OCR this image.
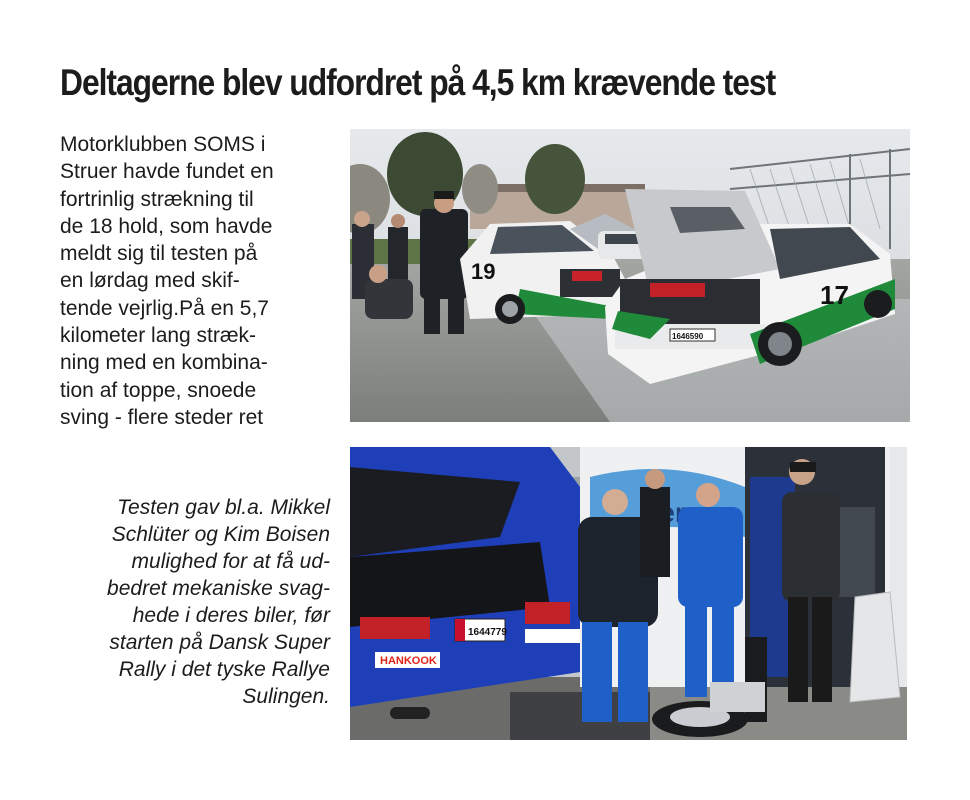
Deltagerne blev udfordret på 4,5 km krævende test
Motorklubben SOMS i
Struer havde fundet en
fortrinlig strækning til
de 18 hold, som havde
meldt sig til testen på
en lørdag med skif-
tende vejrlig.På en 5,7
kilometer lang stræk-
ning med en kombina-
tion af toppe, snoede
sving - flere steder ret
Testen gav bl.a. Mikkel
Schlüter og Kim Boisen
mulighed for at få ud-
bedret mekaniske svag-
hede i deres biler, før
starten på Dansk Super
Rally i det tyske Rallye
Sulingen.
19
1646590
17
1644779
HANKOOK
